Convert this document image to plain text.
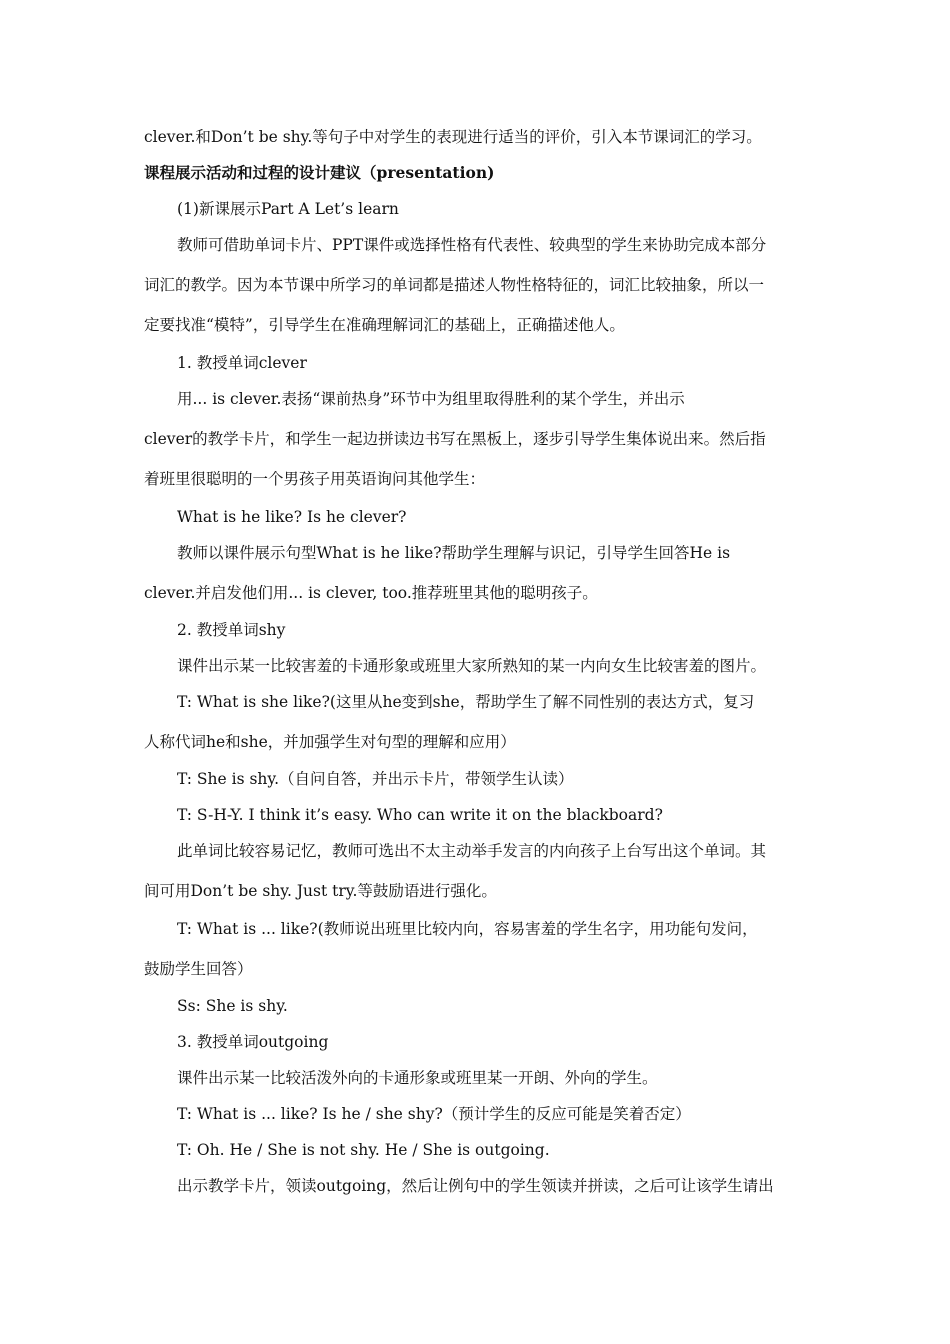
clever.和Don’t be shy.等句子中对学生的表现进行适当的评价，引入本节课词汇的学习。
课程展示活动和过程的设计建议（presentation)
(1)新课展示Part A Let’s learn
教师可借助单词卡片、PPT课件或选择性格有代表性、较典型的学生来协助完成本部分
词汇的教学。因为本节课中所学习的单词都是描述人物性格特征的，词汇比较抽象，所以一
定要找准“模特”，引导学生在准确理解词汇的基础上，正确描述他人。
1. 教授单词clever
用... is clever.表扬“课前热身”环节中为组里取得胜利的某个学生，并出示
clever的教学卡片，和学生一起边拼读边书写在黑板上，逐步引导学生集体说出来。然后指
着班里很聪明的一个男孩子用英语询问其他学生：
What is he like? Is he clever?
教师以课件展示句型What is he like?帮助学生理解与识记，引导学生回答He is
clever.并启发他们用... is clever, too.推荐班里其他的聪明孩子。
2. 教授单词shy
课件出示某一比较害羞的卡通形象或班里大家所熟知的某一内向女生比较害羞的图片。
T: What is she like?(这里从he变到she，帮助学生了解不同性别的表达方式，复习
人称代词he和she，并加强学生对句型的理解和应用）
T: She is shy.（自问自答，并出示卡片，带领学生认读）
T: S-H-Y. I think it’s easy. Who can write it on the blackboard?
此单词比较容易记忆，教师可选出不太主动举手发言的内向孩子上台写出这个单词。其
间可用Don’t be shy. Just try.等鼓励语进行强化。
T: What is ... like?(教师说出班里比较内向，容易害羞的学生名字，用功能句发问，
鼓励学生回答）
Ss: She is shy.
3. 教授单词outgoing
课件出示某一比较活泼外向的卡通形象或班里某一开朗、外向的学生。
T: What is ... like? Is he / she shy?（预计学生的反应可能是笑着否定）
T: Oh. He / She is not shy. He / She is outgoing.
出示教学卡片，领读outgoing，然后让例句中的学生领读并拼读，之后可让该学生请出
